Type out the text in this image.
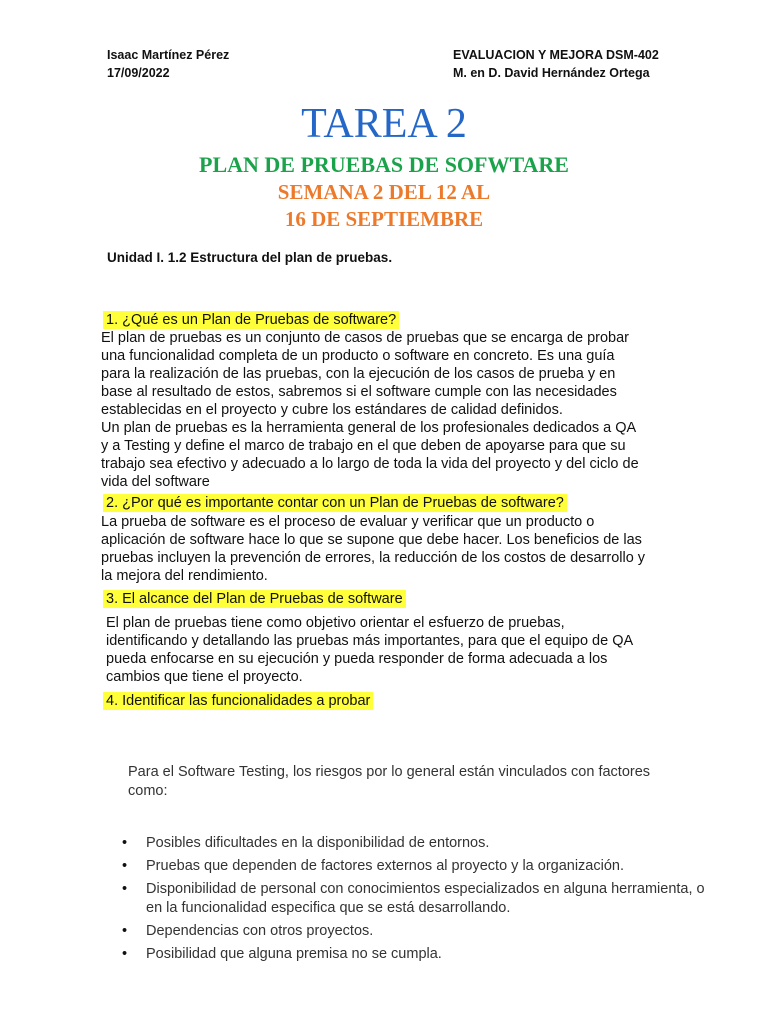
Isaac Martínez Pérez
17/09/2022
EVALUACION Y MEJORA DSM-402
M. en D. David Hernández Ortega
TAREA 2
PLAN DE PRUEBAS DE SOFWTARE
SEMANA 2 DEL 12 AL
16 DE SEPTIEMBRE
Unidad I. 1.2 Estructura del plan de pruebas.
1. ¿Qué es un Plan de Pruebas de software?
El plan de pruebas es un conjunto de casos de pruebas que se encarga de probar
una funcionalidad completa de un producto o software en concreto. Es una guía
para la realización de las pruebas, con la ejecución de los casos de prueba y en
base al resultado de estos, sabremos si el software cumple con las necesidades
establecidas en el proyecto y cubre los estándares de calidad definidos.
Un plan de pruebas es la herramienta general de los profesionales dedicados a QA
y a Testing y define el marco de trabajo en el que deben de apoyarse para que su
trabajo sea efectivo y adecuado a lo largo de toda la vida del proyecto y del ciclo de
vida del software
2. ¿Por qué es importante contar con un Plan de Pruebas de software?
La prueba de software es el proceso de evaluar y verificar que un producto o
aplicación de software hace lo que se supone que debe hacer. Los beneficios de las
pruebas incluyen la prevención de errores, la reducción de los costos de desarrollo y
la mejora del rendimiento.
3. El alcance del Plan de Pruebas de software
El plan de pruebas tiene como objetivo orientar el esfuerzo de pruebas,
identificando y detallando las pruebas más importantes, para que el equipo de QA
pueda enfocarse en su ejecución y pueda responder de forma adecuada a los
cambios que tiene el proyecto.
4. Identificar las funcionalidades a probar
Para el Software Testing, los riesgos por lo general están vinculados con factores
como:
• Posibles dificultades en la disponibilidad de entornos.
• Pruebas que dependen de factores externos al proyecto y la organización.
• Disponibilidad de personal con conocimientos especializados en alguna herramienta, o en la funcionalidad especifica que se está desarrollando.
• Dependencias con otros proyectos.
• Posibilidad que alguna premisa no se cumpla.
